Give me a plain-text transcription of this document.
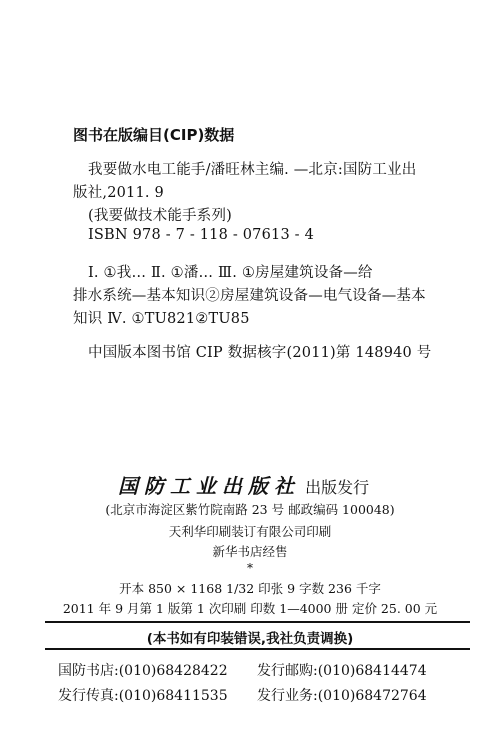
图书在版编目(CIP)数据
我要做水电工能手/潘旺林主编. —北京:国防工业出
版社,2011. 9
(我要做技术能手系列)
ISBN 978 - 7 - 118 - 07613 - 4
Ⅰ. ①我… Ⅱ. ①潘… Ⅲ. ①房屋建筑设备—给
排水系统—基本知识②房屋建筑设备—电气设备—基本
知识 Ⅳ. ①TU821②TU85
中国版本图书馆 CIP 数据核字(2011)第 148940 号
国防工业出版社 出版发行
(北京市海淀区紫竹院南路 23 号 邮政编码 100048)
天利华印刷装订有限公司印刷
新华书店经售
*
开本 850 × 1168 1/32 印张 9 字数 236 千字
2011 年 9 月第 1 版第 1 次印刷 印数 1—4000 册 定价 25. 00 元
(本书如有印装错误,我社负责调换)
国防书店:(010)68428422
发行传真:(010)68411535
发行邮购:(010)68414474
发行业务:(010)68472764
